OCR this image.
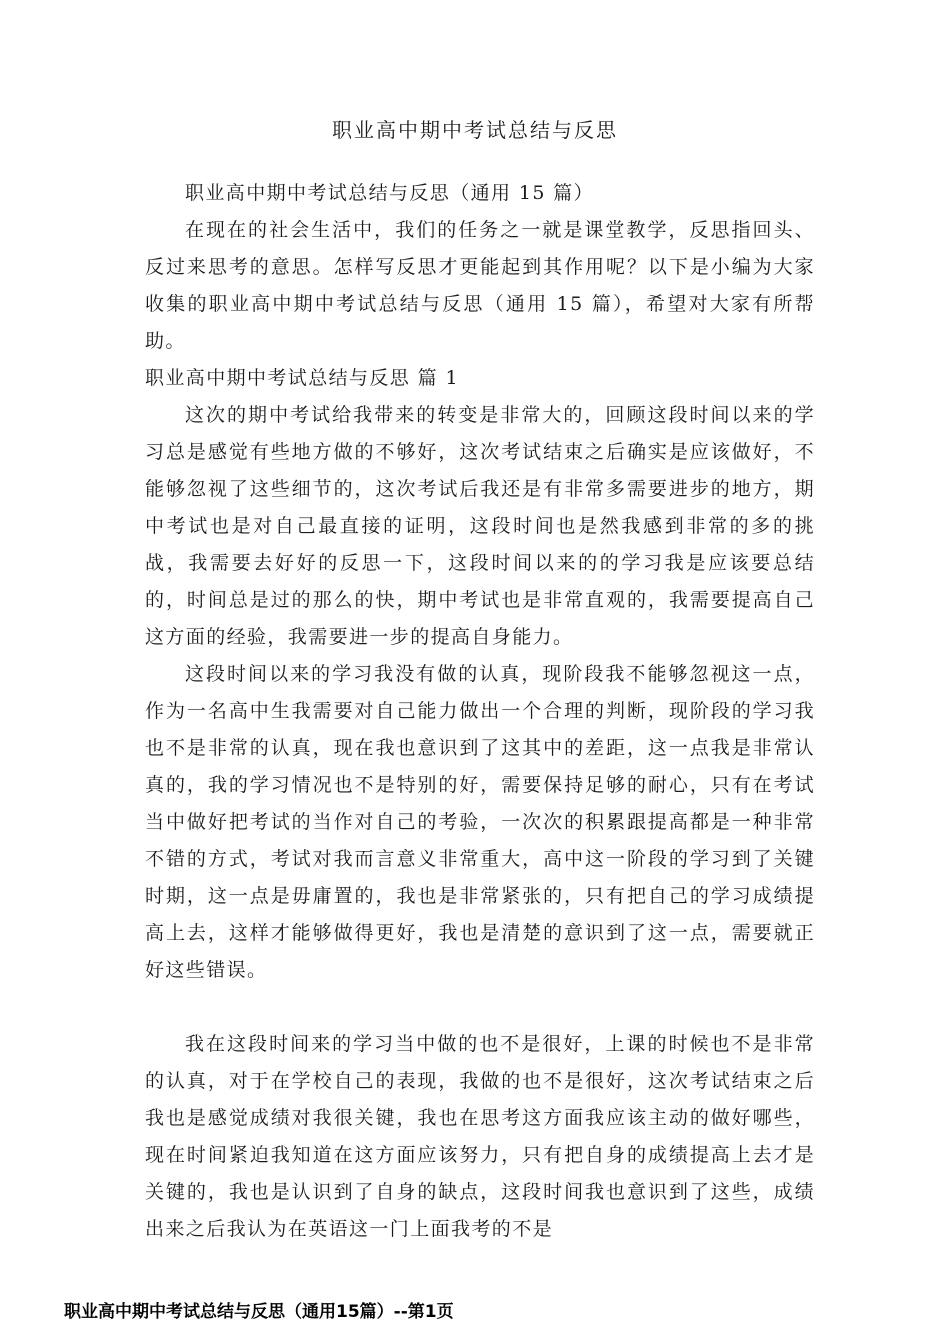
职业高中期中考试总结与反思

职业高中期中考试总结与反思（通用 15 篇）

在现在的社会生活中，我们的任务之一就是课堂教学，反思指回头、反过来思考的意思。怎样写反思才更能起到其作用呢？以下是小编为大家收集的职业高中期中考试总结与反思（通用 15 篇），希望对大家有所帮助。

职业高中期中考试总结与反思 篇 1

这次的期中考试给我带来的转变是非常大的，回顾这段时间以来的学习总是感觉有些地方做的不够好，这次考试结束之后确实是应该做好，不能够忽视了这些细节的，这次考试后我还是有非常多需要进步的地方，期中考试也是对自己最直接的证明，这段时间也是然我感到非常的多的挑战，我需要去好好的反思一下，这段时间以来的的学习我是应该要总结的，时间总是过的那么的快，期中考试也是非常直观的，我需要提高自己这方面的经验，我需要进一步的提高自身能力。

这段时间以来的学习我没有做的认真，现阶段我不能够忽视这一点，作为一名高中生我需要对自己能力做出一个合理的判断，现阶段的学习我也不是非常的认真，现在我也意识到了这其中的差距，这一点我是非常认真的，我的学习情况也不是特别的好，需要保持足够的耐心，只有在考试当中做好把考试的当作对自己的考验，一次次的积累跟提高都是一种非常不错的方式，考试对我而言意义非常重大，高中这一阶段的学习到了关键时期，这一点是毋庸置的，我也是非常紧张的，只有把自己的学习成绩提高上去，这样才能够做得更好，我也是清楚的意识到了这一点，需要就正好这些错误。

我在这段时间来的学习当中做的也不是很好，上课的时候也不是非常的认真，对于在学校自己的表现，我做的也不是很好，这次考试结束之后我也是感觉成绩对我很关键，我也在思考这方面我应该主动的做好哪些，现在时间紧迫我知道在这方面应该努力，只有把自身的成绩提高上去才是关键的，我也是认识到了自身的缺点，这段时间我也意识到了这些，成绩出来之后我认为在英语这一门上面我考的不是

职业高中期中考试总结与反思（通用15篇）--第1页
